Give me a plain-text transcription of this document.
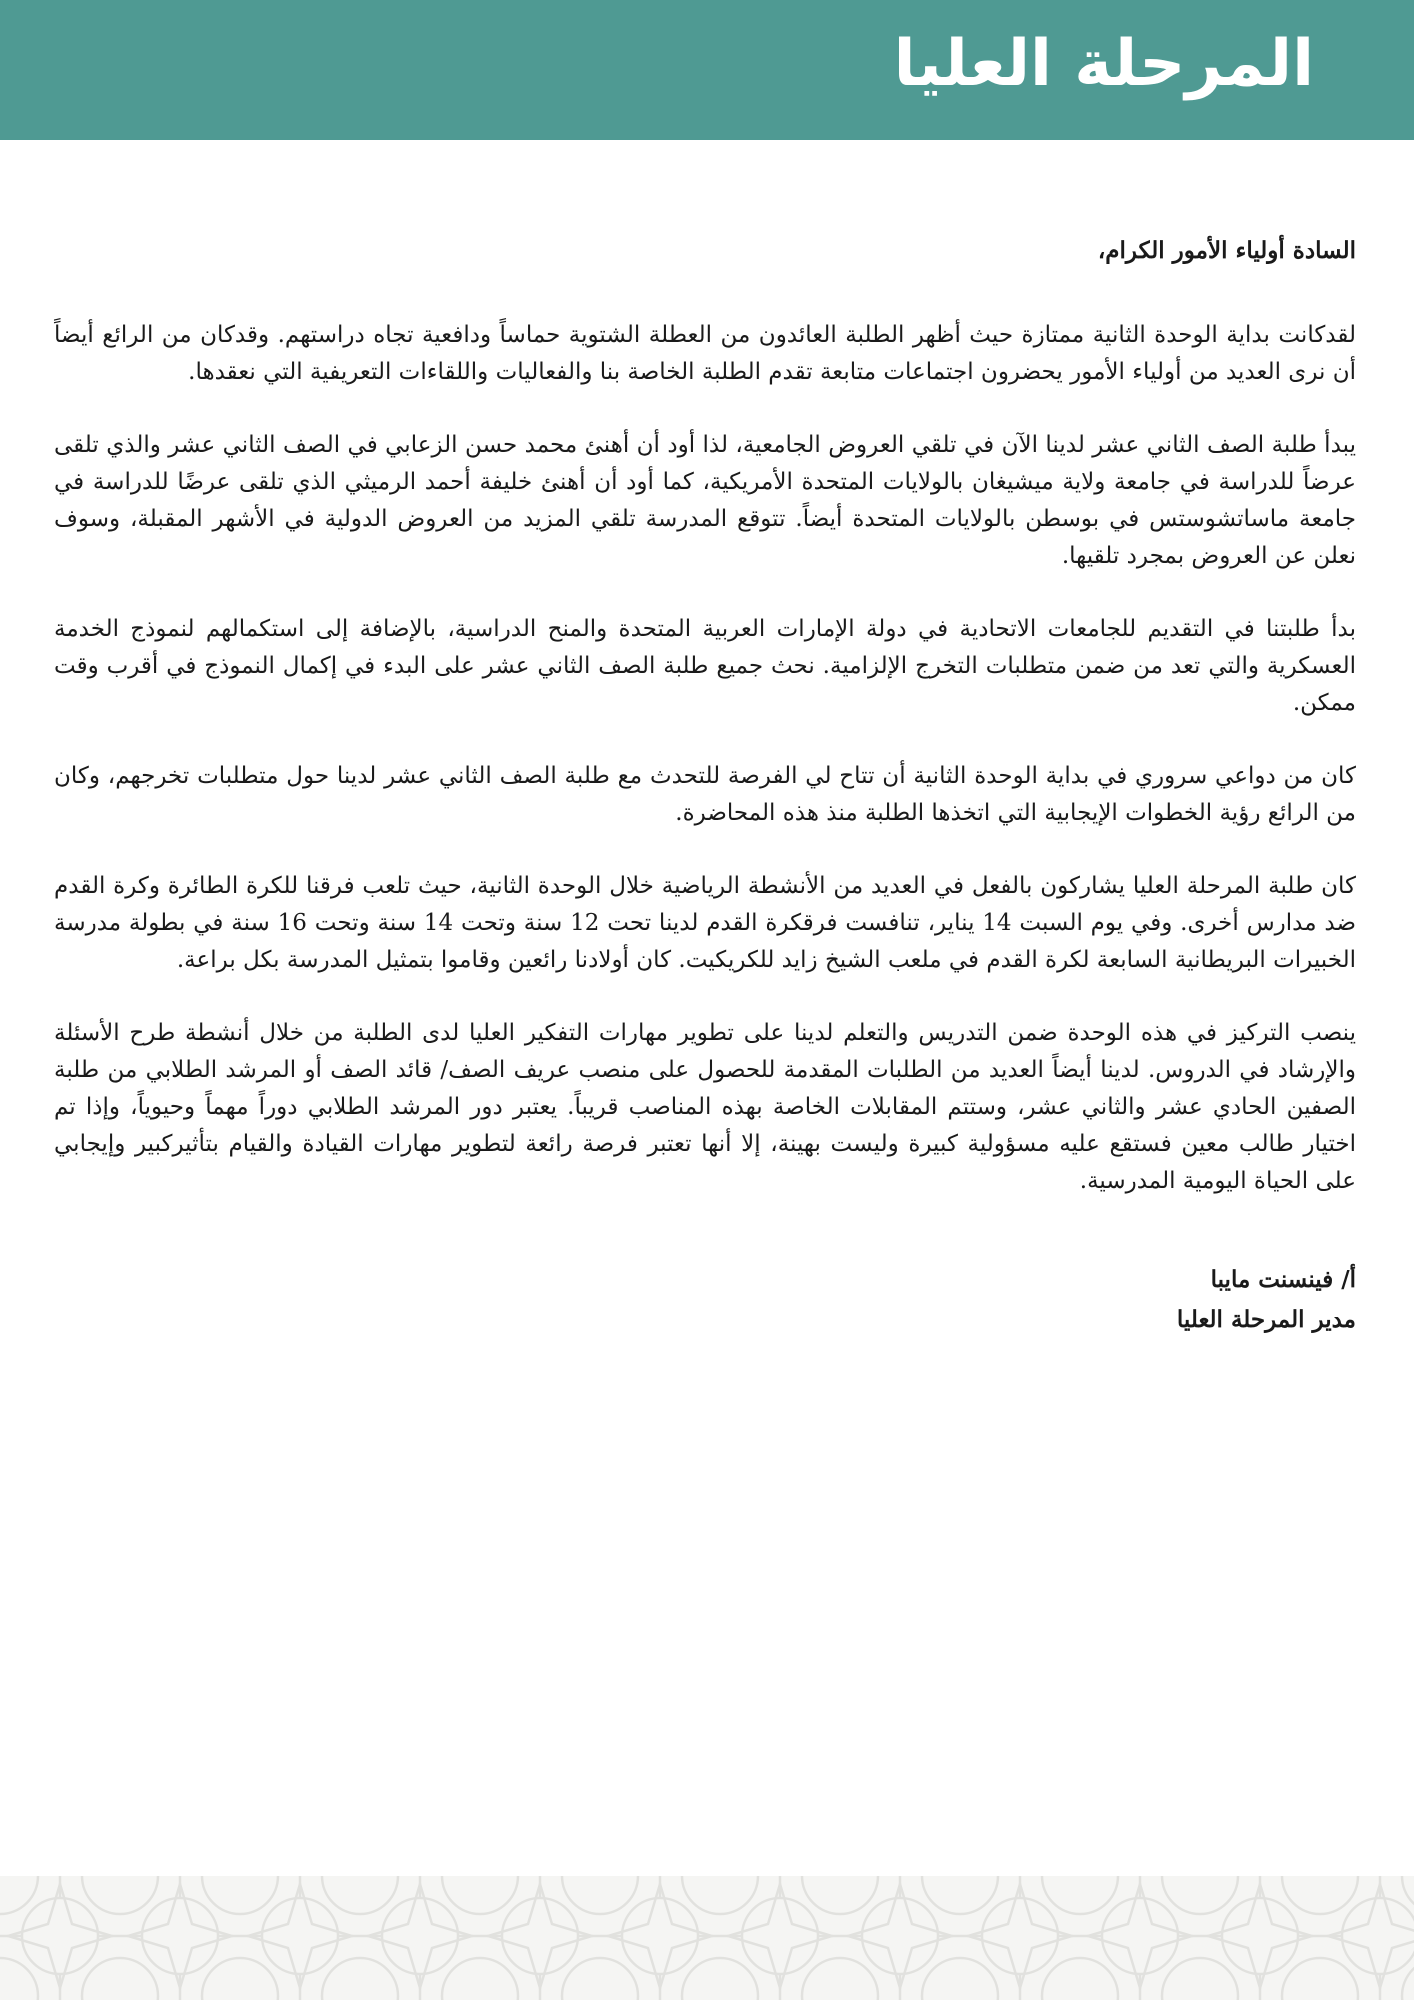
المرحلة العليا

السادة أولياء الأمور الكرام،

لقدكانت بداية الوحدة الثانية ممتازة حيث أظهر الطلبة العائدون من العطلة الشتوية حماساً ودافعية تجاه دراستهم. وقدكان من الرائع أيضاً أن نرى العديد من أولياء الأمور يحضرون اجتماعات متابعة تقدم الطلبة الخاصة بنا والفعاليات واللقاءات التعريفية التي نعقدها.

يبدأ طلبة الصف الثاني عشر لدينا الآن في تلقي العروض الجامعية، لذا أود أن أهنئ محمد حسن الزعابي في الصف الثاني عشر والذي تلقى عرضاً للدراسة في جامعة ولاية ميشيغان بالولايات المتحدة الأمريكية، كما أود أن أهنئ خليفة أحمد الرميثي الذي تلقى عرضًا للدراسة في جامعة ماساتشوستس في بوسطن بالولايات المتحدة أيضاً. تتوقع المدرسة تلقي المزيد من العروض الدولية في الأشهر المقبلة، وسوف نعلن عن العروض بمجرد تلقيها.

بدأ طلبتنا في التقديم للجامعات الاتحادية في دولة الإمارات العربية المتحدة والمنح الدراسية، بالإضافة إلى استكمالهم لنموذج الخدمة العسكرية والتي تعد من ضمن متطلبات التخرج الإلزامية. نحث جميع طلبة الصف الثاني عشر على البدء في إكمال النموذج في أقرب وقت ممكن.

كان من دواعي سروري في بداية الوحدة الثانية أن تتاح لي الفرصة للتحدث مع طلبة الصف الثاني عشر لدينا حول متطلبات تخرجهم، وكان من الرائع رؤية الخطوات الإيجابية التي اتخذها الطلبة منذ هذه المحاضرة.

كان طلبة المرحلة العليا يشاركون بالفعل في العديد من الأنشطة الرياضية خلال الوحدة الثانية، حيث تلعب فرقنا للكرة الطائرة وكرة القدم ضد مدارس أخرى. وفي يوم السبت 14 يناير، تنافست فرقكرة القدم لدينا تحت 12 سنة وتحت 14 سنة وتحت 16 سنة في بطولة مدرسة الخبيرات البريطانية السابعة لكرة القدم في ملعب الشيخ زايد للكريكيت. كان أولادنا رائعين وقاموا بتمثيل المدرسة بكل براعة.

ينصب التركيز في هذه الوحدة ضمن التدريس والتعلم لدينا على تطوير مهارات التفكير العليا لدى الطلبة من خلال أنشطة طرح الأسئلة والإرشاد في الدروس. لدينا أيضاً العديد من الطلبات المقدمة للحصول على منصب عريف الصف/ قائد الصف أو المرشد الطلابي من طلبة الصفين الحادي عشر والثاني عشر، وستتم المقابلات الخاصة بهذه المناصب قريباً. يعتبر دور المرشد الطلابي دوراً مهماً وحيوياً، وإذا تم اختيار طالب معين فستقع عليه مسؤولية كبيرة وليست بهينة، إلا أنها تعتبر فرصة رائعة لتطوير مهارات القيادة والقيام بتأثيركبير وإيجابي على الحياة اليومية المدرسية.

أ/ فينسنت مايبا
مدير المرحلة العليا
